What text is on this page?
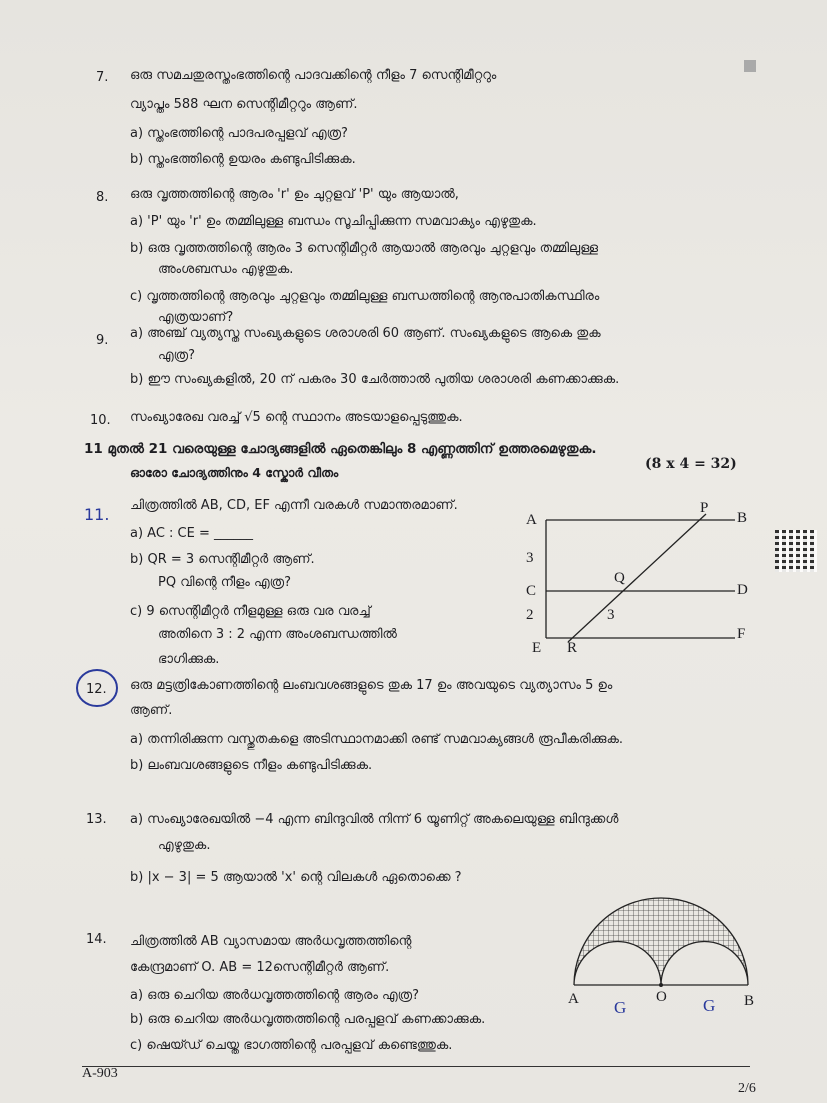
7. ഒരു സമചതുരസ്തംഭത്തിന്റെ പാദവക്കിന്റെ നീളം 7 സെന്റിമീറ്ററും
വ്യാപ്തം 588 ഘന സെന്റിമീറ്ററും ആണ്.
a) സ്തംഭത്തിന്റെ പാദപരപ്പളവ് എത്ര?
b) സ്തംഭത്തിന്റെ ഉയരം കണ്ടുപിടിക്കുക.
8. ഒരു വൃത്തത്തിന്റെ ആരം 'r' ഉം ചുറ്റളവ് 'P' യും ആയാൽ,
a) 'P' യും 'r' ഉം തമ്മിലുള്ള ബന്ധം സൂചിപ്പിക്കുന്ന സമവാക്യം എഴുതുക.
b) ഒരു വൃത്തത്തിന്റെ ആരം 3 സെന്റിമീറ്റർ ആയാൽ ആരവും ചുറ്റളവും തമ്മിലുള്ള
അംശബന്ധം എഴുതുക.
c) വൃത്തത്തിന്റെ ആരവും ചുറ്റളവും തമ്മിലുള്ള ബന്ധത്തിന്റെ ആനുപാതികസ്ഥിരം
എത്രയാണ്?
9. a) അഞ്ച് വ്യത്യസ്ത സംഖ്യകളുടെ ശരാശരി 60 ആണ്. സംഖ്യകളുടെ ആകെ തുക
എത്ര?
b) ഈ സംഖ്യകളിൽ, 20 ന് പകരം 30 ചേർത്താൽ പുതിയ ശരാശരി കണക്കാക്കുക.
10. സംഖ്യാരേഖ വരച്ച് √5 ന്റെ സ്ഥാനം അടയാളപ്പെടുത്തുക.
11 മുതൽ 21 വരെയുള്ള ചോദ്യങ്ങളിൽ ഏതെങ്കിലും 8 എണ്ണത്തിന് ഉത്തരമെഴുതുക.
ഓരോ ചോദ്യത്തിനും 4 സ്കോർ വീതം
(8 x 4 = 32)
11. ചിത്രത്തിൽ AB, CD, EF എന്നീ വരകൾ സമാന്തരമാണ്.
a) AC : CE = ______
b) QR = 3 സെന്റിമീറ്റർ ആണ്.
PQ വിന്റെ നീളം എത്ര?
c) 9 സെന്റിമീറ്റർ നീളമുള്ള ഒരു വര വരച്ച്
അതിനെ 3 : 2 എന്ന അംശബന്ധത്തിൽ
ഭാഗിക്കുക.
A	B
P
3
C
Q
D
2	3
F
E R
12. ഒരു മട്ടത്രികോണത്തിന്റെ ലംബവശങ്ങളുടെ തുക 17 ഉം അവയുടെ വ്യത്യാസം 5 ഉം
ആണ്.
a) തന്നിരിക്കുന്ന വസ്തുതകളെ അടിസ്ഥാനമാക്കി രണ്ട് സമവാക്യങ്ങൾ രൂപീകരിക്കുക.
b) ലംബവശങ്ങളുടെ നീളം കണ്ടുപിടിക്കുക.
13. a) സംഖ്യാരേഖയിൽ −4 എന്ന ബിന്ദുവിൽ നിന്ന് 6 യൂണിറ്റ് അകലെയുള്ള ബിന്ദുക്കൾ
എഴുതുക.
b) |x − 3| = 5 ആയാൽ 'x' ന്റെ വിലകൾ ഏതൊക്കെ ?
14. ചിത്രത്തിൽ AB വ്യാസമായ അർധവൃത്തത്തിന്റെ
കേന്ദ്രമാണ് O. AB = 12സെന്റിമീറ്റർ ആണ്.
a) ഒരു ചെറിയ അർധവൃത്തത്തിന്റെ ആരം എത്ര?
b) ഒരു ചെറിയ അർധവൃത്തത്തിന്റെ പരപ്പളവ് കണക്കാക്കുക.
c) ഷെയ്ഡ് ചെയ്ത ഭാഗത്തിന്റെ പരപ്പളവ് കണ്ടെത്തുക.
A G
O G B
A-903
2/6
